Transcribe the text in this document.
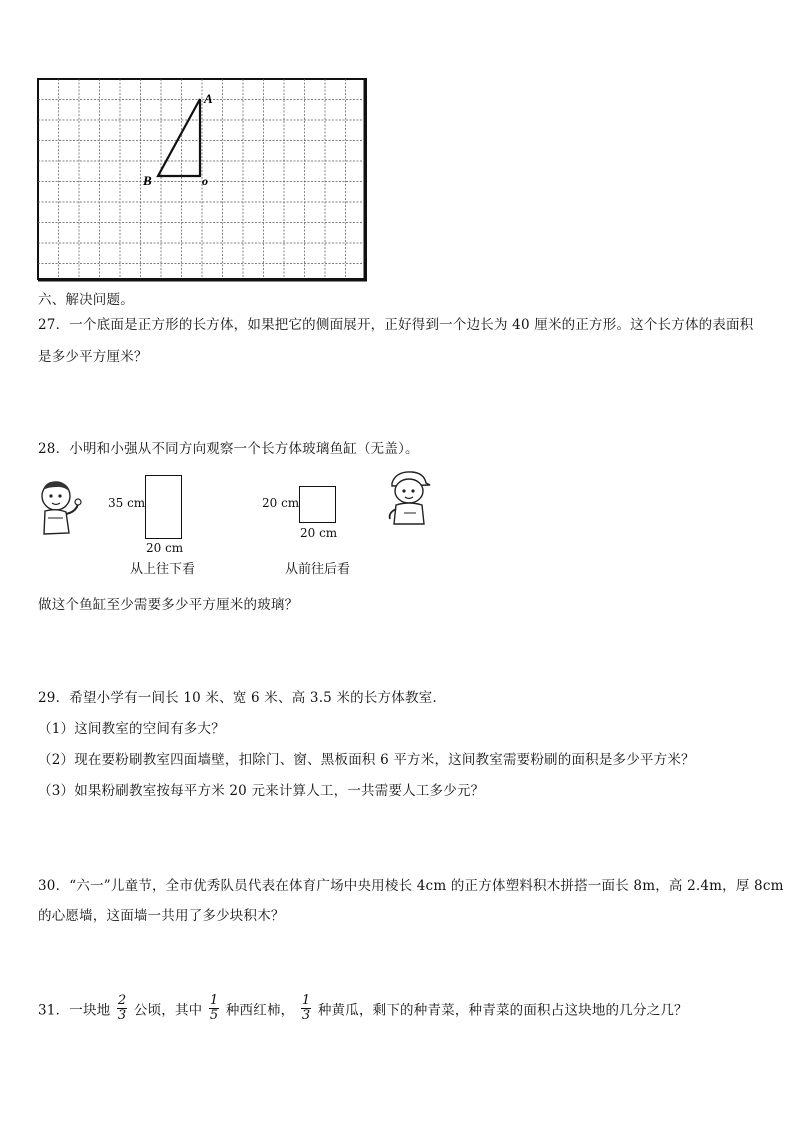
A
B	o
六、解决问题。
27．一个底面是正方形的长方体，如果把它的侧面展开，正好得到一个边长为 40 厘米的正方形。这个长方体的表面积
是多少平方厘米？
28．小明和小强从不同方向观察一个长方体玻璃鱼缸（无盖）。
35 cm
20 cm
从上往下看
20 cm
20 cm
从前往后看
做这个鱼缸至少需要多少平方厘米的玻璃？
29．希望小学有一间长 10 米、宽 6 米、高 3.5 米的长方体教室.
（1）这间教室的空间有多大？
（2）现在要粉刷教室四面墙壁，扣除门、窗、黑板面积 6 平方米，这间教室需要粉刷的面积是多少平方米？
（3）如果粉刷教室按每平方米 20 元来计算人工，一共需要人工多少元？
30．“六一”儿童节，全市优秀队员代表在体育广场中央用棱长 4cm 的正方体塑料积木拼搭一面长 8m，高 2.4m，厚 8cm
的心愿墙，这面墙一共用了多少块积木？
31．一块地 $\frac{2}{3}$ 公顷，其中 $\frac{1}{5}$ 种西红柿， $\frac{1}{3}$ 种黄瓜，剩下的种青菜，种青菜的面积占这块地的几分之几？
